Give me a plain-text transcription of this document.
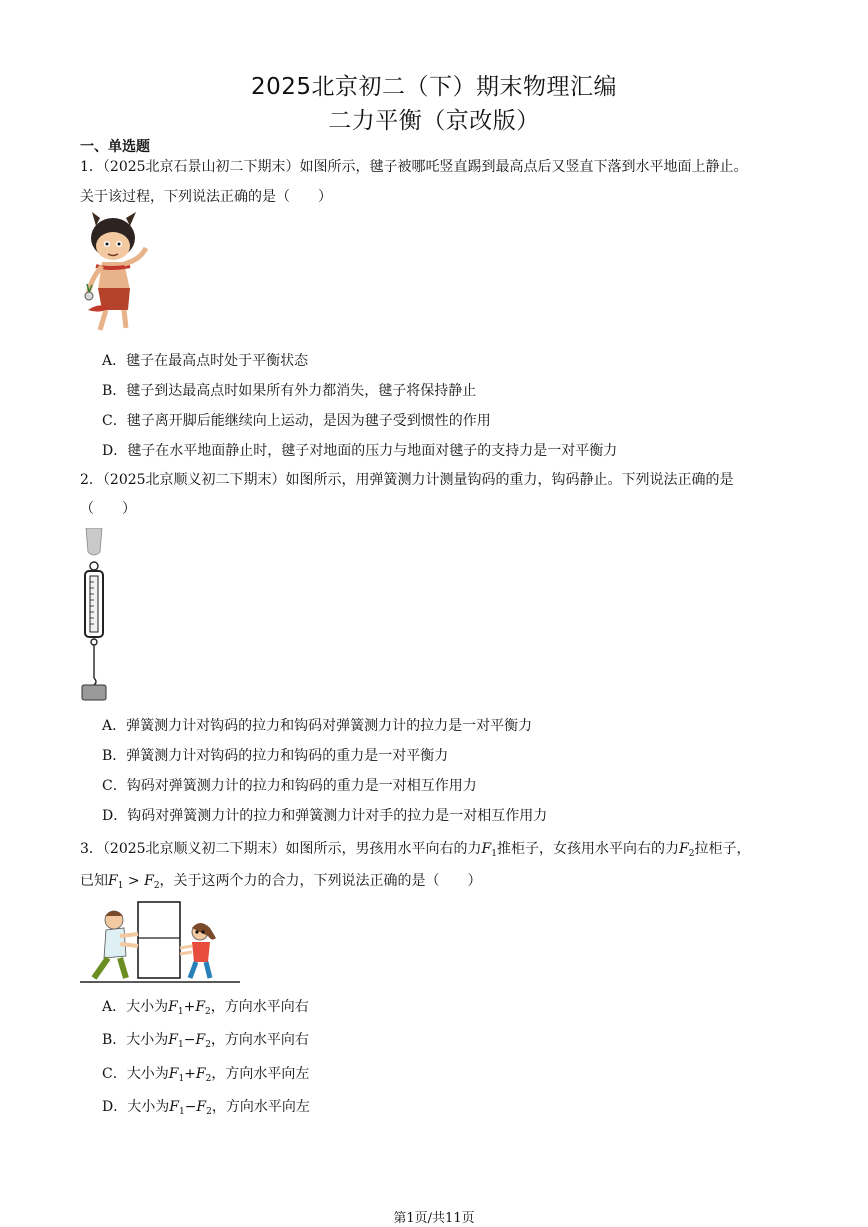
2025北京初二（下）期末物理汇编
二力平衡（京改版）
一、单选题
1．（2025北京石景山初二下期末）如图所示，毽子被哪吒竖直踢到最高点后又竖直下落到水平地面上静止。
关于该过程，下列说法正确的是（　　）
A．毽子在最高点时处于平衡状态
B．毽子到达最高点时如果所有外力都消失，毽子将保持静止
C．毽子离开脚后能继续向上运动，是因为毽子受到惯性的作用
D．毽子在水平地面静止时，毽子对地面的压力与地面对毽子的支持力是一对平衡力
2．（2025北京顺义初二下期末）如图所示，用弹簧测力计测量钩码的重力，钩码静止。下列说法正确的是
（　　）
A．弹簧测力计对钩码的拉力和钩码对弹簧测力计的拉力是一对平衡力
B．弹簧测力计对钩码的拉力和钩码的重力是一对平衡力
C．钩码对弹簧测力计的拉力和钩码的重力是一对相互作用力
D．钩码对弹簧测力计的拉力和弹簧测力计对手的拉力是一对相互作用力
3．（2025北京顺义初二下期末）如图所示，男孩用水平向右的力$F_1$推柜子，女孩用水平向右的力$F_2$拉柜子，
已知$F_1 > F_2$，关于这两个力的合力，下列说法正确的是（　　）
A．大小为$F_1+F_2$，方向水平向右
B．大小为$F_1-F_2$，方向水平向右
C．大小为$F_1+F_2$，方向水平向左
D．大小为$F_1-F_2$，方向水平向左
第1页/共11页
